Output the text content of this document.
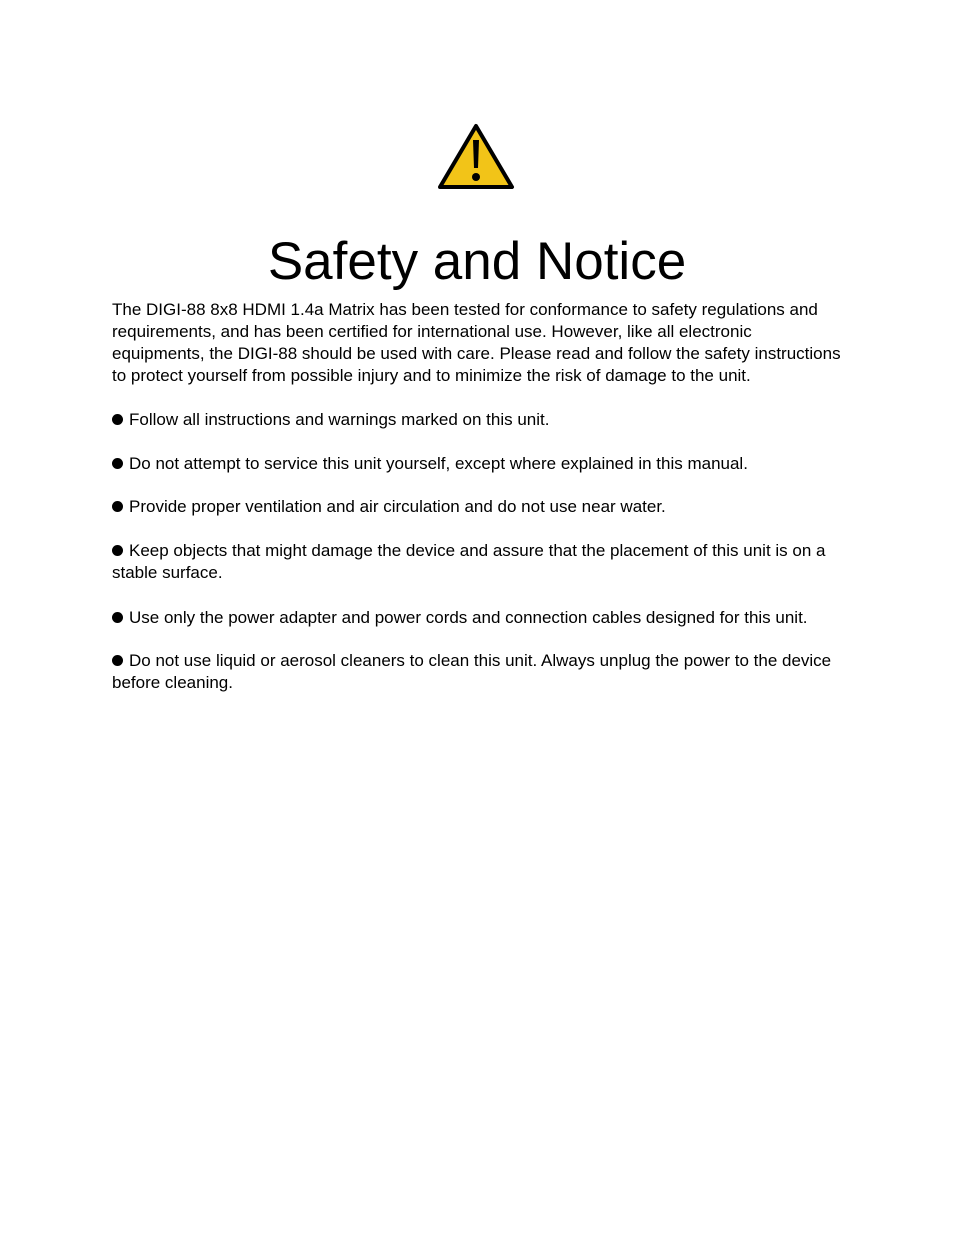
Safety and Notice

The DIGI-88 8x8 HDMI 1.4a Matrix has been tested for conformance to safety regulations and requirements, and has been certified for international use. However, like all electronic equipments, the DIGI-88 should be used with care. Please read and follow the safety instructions to protect yourself from possible injury and to minimize the risk of damage to the unit.

Follow all instructions and warnings marked on this unit.
Do not attempt to service this unit yourself, except where explained in this manual.
Provide proper ventilation and air circulation and do not use near water.
Keep objects that might damage the device and assure that the placement of this unit is on a stable surface.
Use only the power adapter and power cords and connection cables designed for this unit.
Do not use liquid or aerosol cleaners to clean this unit. Always unplug the power to the device before cleaning.
